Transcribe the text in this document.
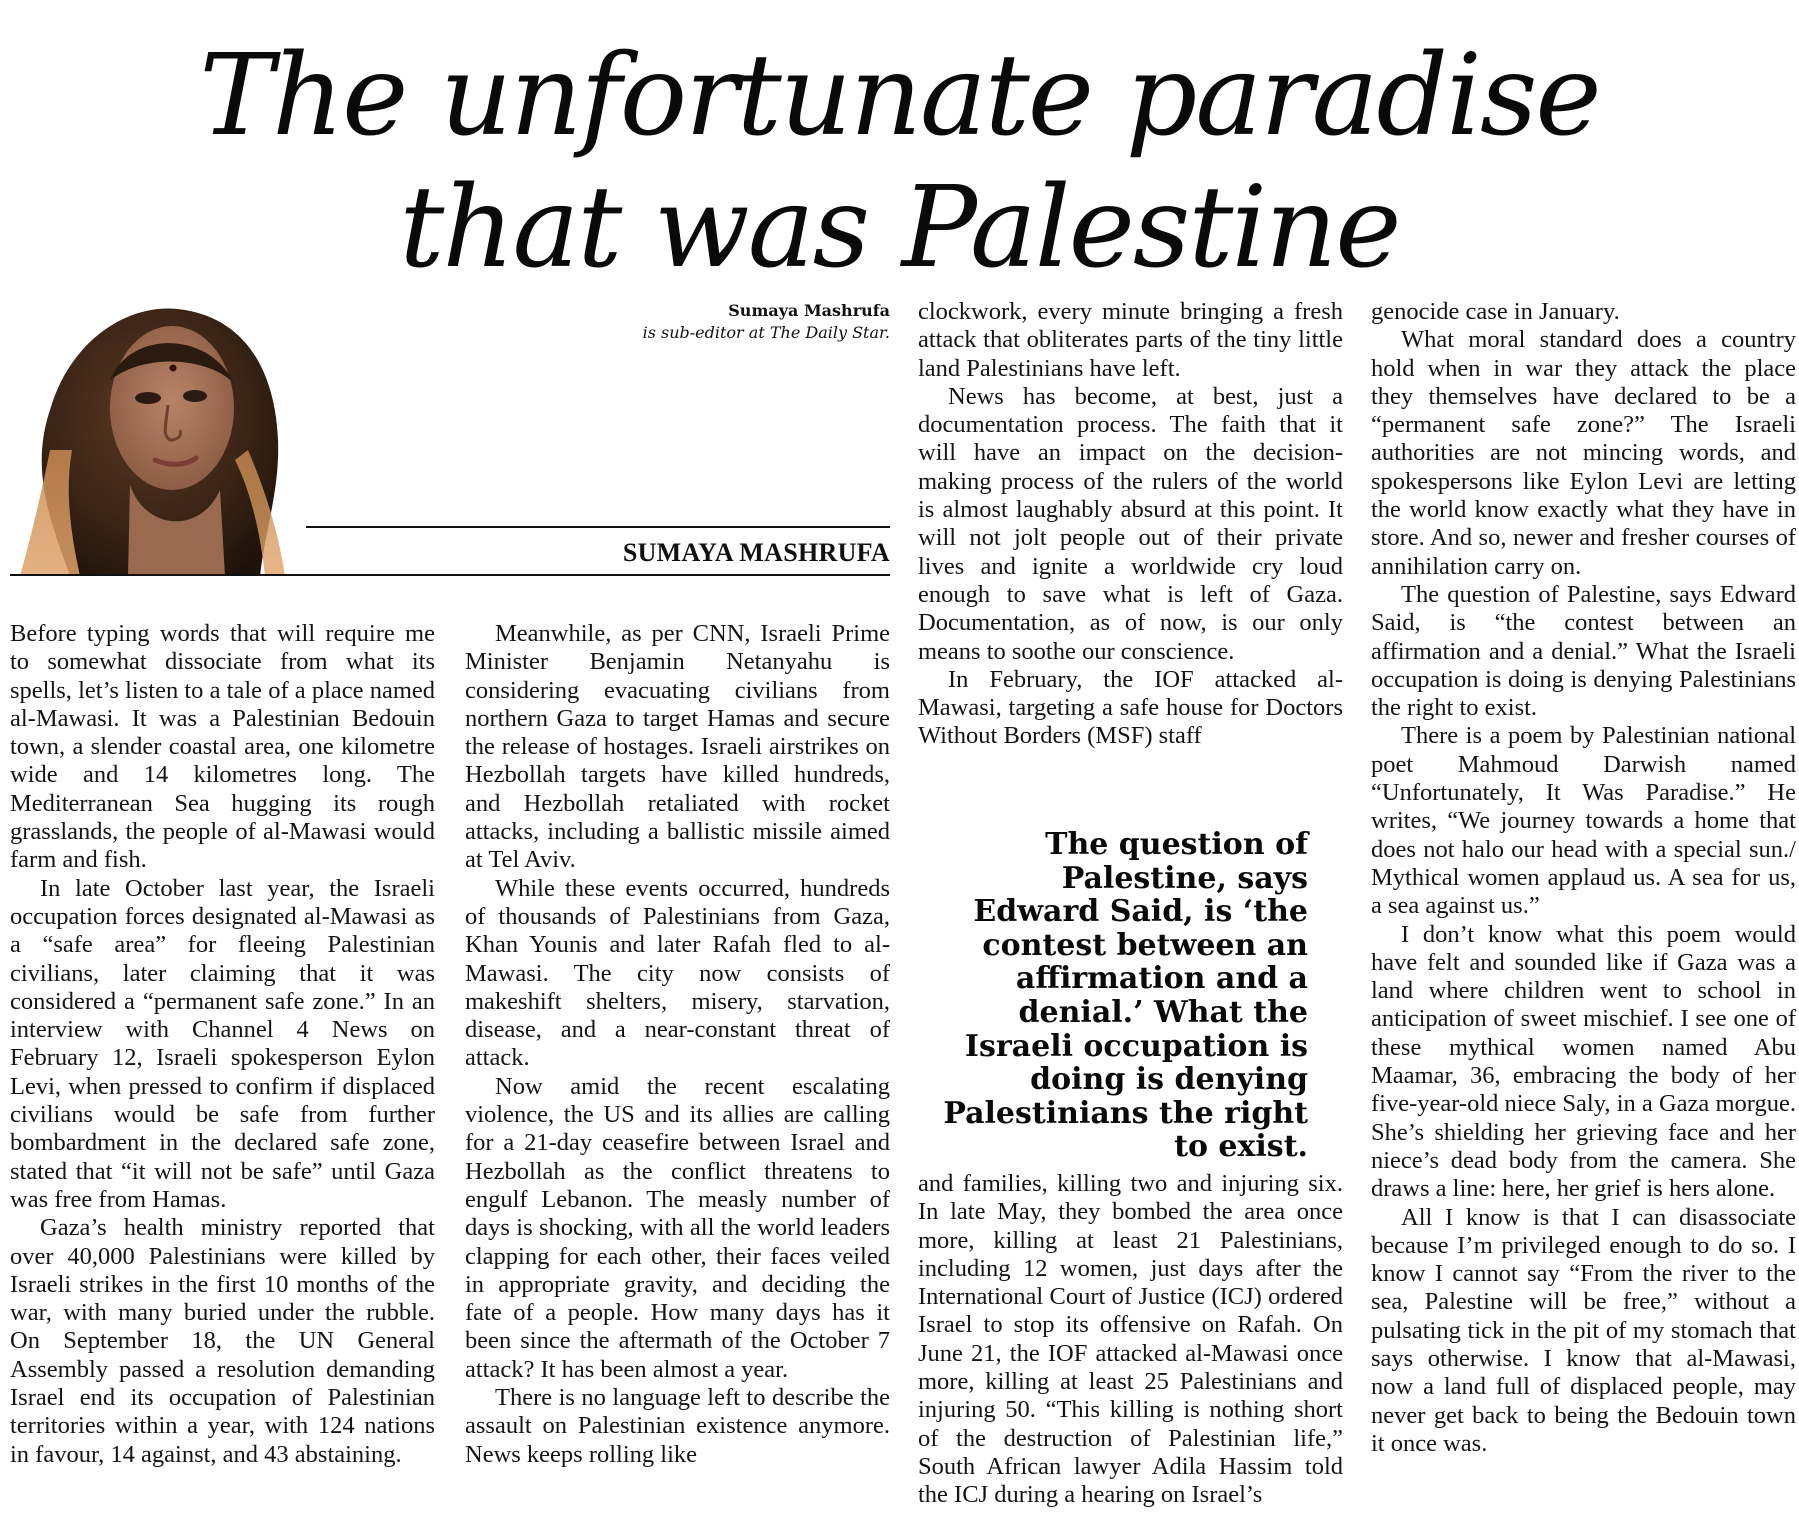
The unfortunate paradise
that was Palestine
Sumaya Mashrufa
is sub-editor at The Daily Star.
SUMAYA MASHRUFA

Before typing words that will require me to somewhat dissociate from what its spells, let’s listen to a tale of a place named al-Mawasi. It was a Palestinian Bedouin town, a slender coastal area, one kilometre wide and 14 kilometres long. The Mediterranean Sea hugging its rough grasslands, the people of al-Mawasi would farm and fish.

In late October last year, the Israeli occupation forces designated al-Mawasi as a “safe area” for fleeing Palestinian civilians, later claiming that it was considered a “permanent safe zone.” In an interview with Channel 4 News on February 12, Israeli spokesperson Eylon Levi, when pressed to confirm if displaced civilians would be safe from further bombardment in the declared safe zone, stated that “it will not be safe” until Gaza was free from Hamas.

Gaza’s health ministry reported that over 40,000 Palestinians were killed by Israeli strikes in the first 10 months of the war, with many buried under the rubble. On September 18, the UN General Assembly passed a resolution demanding Israel end its occupation of Palestinian territories within a year, with 124 nations in favour, 14 against, and 43 abstaining.

Meanwhile, as per CNN, Israeli Prime Minister Benjamin Netanyahu is considering evacuating civilians from northern Gaza to target Hamas and secure the release of hostages. Israeli airstrikes on Hezbollah targets have killed hundreds, and Hezbollah retaliated with rocket attacks, including a ballistic missile aimed at Tel Aviv.

While these events occurred, hundreds of thousands of Palestinians from Gaza, Khan Younis and later Rafah fled to al-Mawasi. The city now consists of makeshift shelters, misery, starvation, disease, and a near-constant threat of attack.

Now amid the recent escalating violence, the US and its allies are calling for a 21-day ceasefire between Israel and Hezbollah as the conflict threatens to engulf Lebanon. The measly number of days is shocking, with all the world leaders clapping for each other, their faces veiled in appropriate gravity, and deciding the fate of a people. How many days has it been since the aftermath of the October 7 attack? It has been almost a year.

There is no language left to describe the assault on Palestinian existence anymore. News keeps rolling like

clockwork, every minute bringing a fresh attack that obliterates parts of the tiny little land Palestinians have left.

News has become, at best, just a documentation process. The faith that it will have an impact on the decision-making process of the rulers of the world is almost laughably absurd at this point. It will not jolt people out of their private lives and ignite a worldwide cry loud enough to save what is left of Gaza. Documentation, as of now, is our only means to soothe our conscience.

In February, the IOF attacked al-Mawasi, targeting a safe house for Doctors Without Borders (MSF) staff

The question of Palestine, says Edward Said, is ‘the contest between an affirmation and a denial.’ What the Israeli occupation is doing is denying Palestinians the right to exist.

and families, killing two and injuring six. In late May, they bombed the area once more, killing at least 21 Palestinians, including 12 women, just days after the International Court of Justice (ICJ) ordered Israel to stop its offensive on Rafah. On June 21, the IOF attacked al-Mawasi once more, killing at least 25 Palestinians and injuring 50. “This killing is nothing short of the destruction of Palestinian life,” South African lawyer Adila Hassim told the ICJ during a hearing on Israel’s

genocide case in January.

What moral standard does a country hold when in war they attack the place they themselves have declared to be a “permanent safe zone?” The Israeli authorities are not mincing words, and spokespersons like Eylon Levi are letting the world know exactly what they have in store. And so, newer and fresher courses of annihilation carry on.

The question of Palestine, says Edward Said, is “the contest between an affirmation and a denial.” What the Israeli occupation is doing is denying Palestinians the right to exist.

There is a poem by Palestinian national poet Mahmoud Darwish named “Unfortunately, It Was Paradise.” He writes, “We journey towards a home that does not halo our head with a special sun./ Mythical women applaud us. A sea for us, a sea against us.”

I don’t know what this poem would have felt and sounded like if Gaza was a land where children went to school in anticipation of sweet mischief. I see one of these mythical women named Abu Maamar, 36, embracing the body of her five-year-old niece Saly, in a Gaza morgue. She’s shielding her grieving face and her niece’s dead body from the camera. She draws a line: here, her grief is hers alone.

All I know is that I can disassociate because I’m privileged enough to do so. I know I cannot say “From the river to the sea, Palestine will be free,” without a pulsating tick in the pit of my stomach that says otherwise. I know that al-Mawasi, now a land full of displaced people, may never get back to being the Bedouin town it once was.
